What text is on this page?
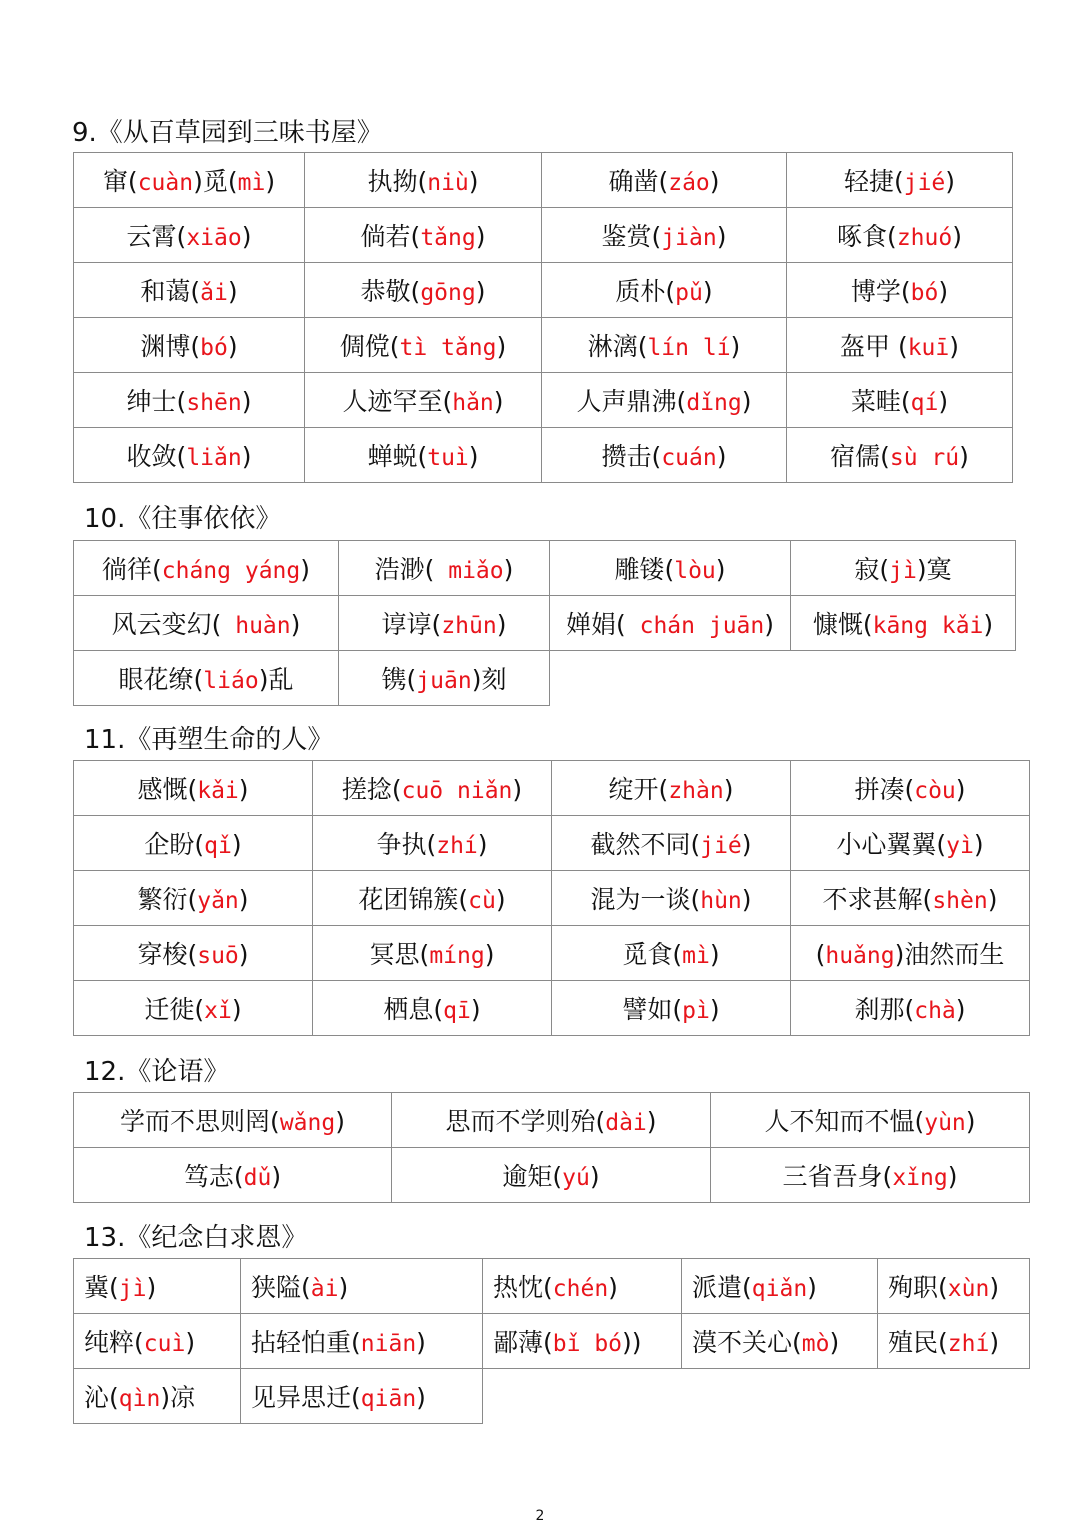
9.《从百草园到三味书屋》
窜(cuàn)觅(mì)	执拗(niù)	确凿(záo)	轻捷(jié)
云霄(xiāo)	倘若(tǎng)	鉴赏(jiàn)	啄食(zhuó)
和蔼(ǎi)	恭敬(gōng)	质朴(pǔ)	博学(bó)
渊博(bó)	倜傥(tì tǎng)	淋漓(lín lí)	盔甲 (kuī)
绅士(shēn)	人迹罕至(hǎn)	人声鼎沸(dǐng)	菜畦(qí)
收敛(liǎn)	蝉蜕(tuì)	攒击(cuán)	宿儒(sù rú)
10.《往事依依》
徜徉(cháng yáng)	浩渺( miǎo)	雕镂(lòu)	寂(jì)寞
风云变幻( huàn)	谆谆(zhūn)	婵娟( chán juān)	慷慨(kāng kǎi)
眼花缭(liáo)乱	镌(juān)刻		
11.《再塑生命的人》
感慨(kǎi)	搓捻(cuō niǎn)	绽开(zhàn)	拼凑(còu)
企盼(qǐ)	争执(zhí)	截然不同(jié)	小心翼翼(yì)
繁衍(yǎn)	花团锦簇(cù)	混为一谈(hùn)	不求甚解(shèn)
穿梭(suō)	冥思(míng)	觅食(mì)	(huǎng)油然而生
迁徙(xǐ)	栖息(qī)	譬如(pì)	刹那(chà)
12.《论语》
学而不思则罔(wǎng)	思而不学则殆(dài)	人不知而不愠(yùn)
笃志(dǔ)	逾矩(yú)	三省吾身(xǐng)
13.《纪念白求恩》
冀(jì)	狭隘(ài)	热忱(chén)	派遣(qiǎn)	殉职(xùn)
纯粹(cuì)	拈轻怕重(niān)	鄙薄(bǐ bó))	漠不关心(mò)	殖民(zhí)
沁(qìn)凉	见异思迁(qiān)			
2
